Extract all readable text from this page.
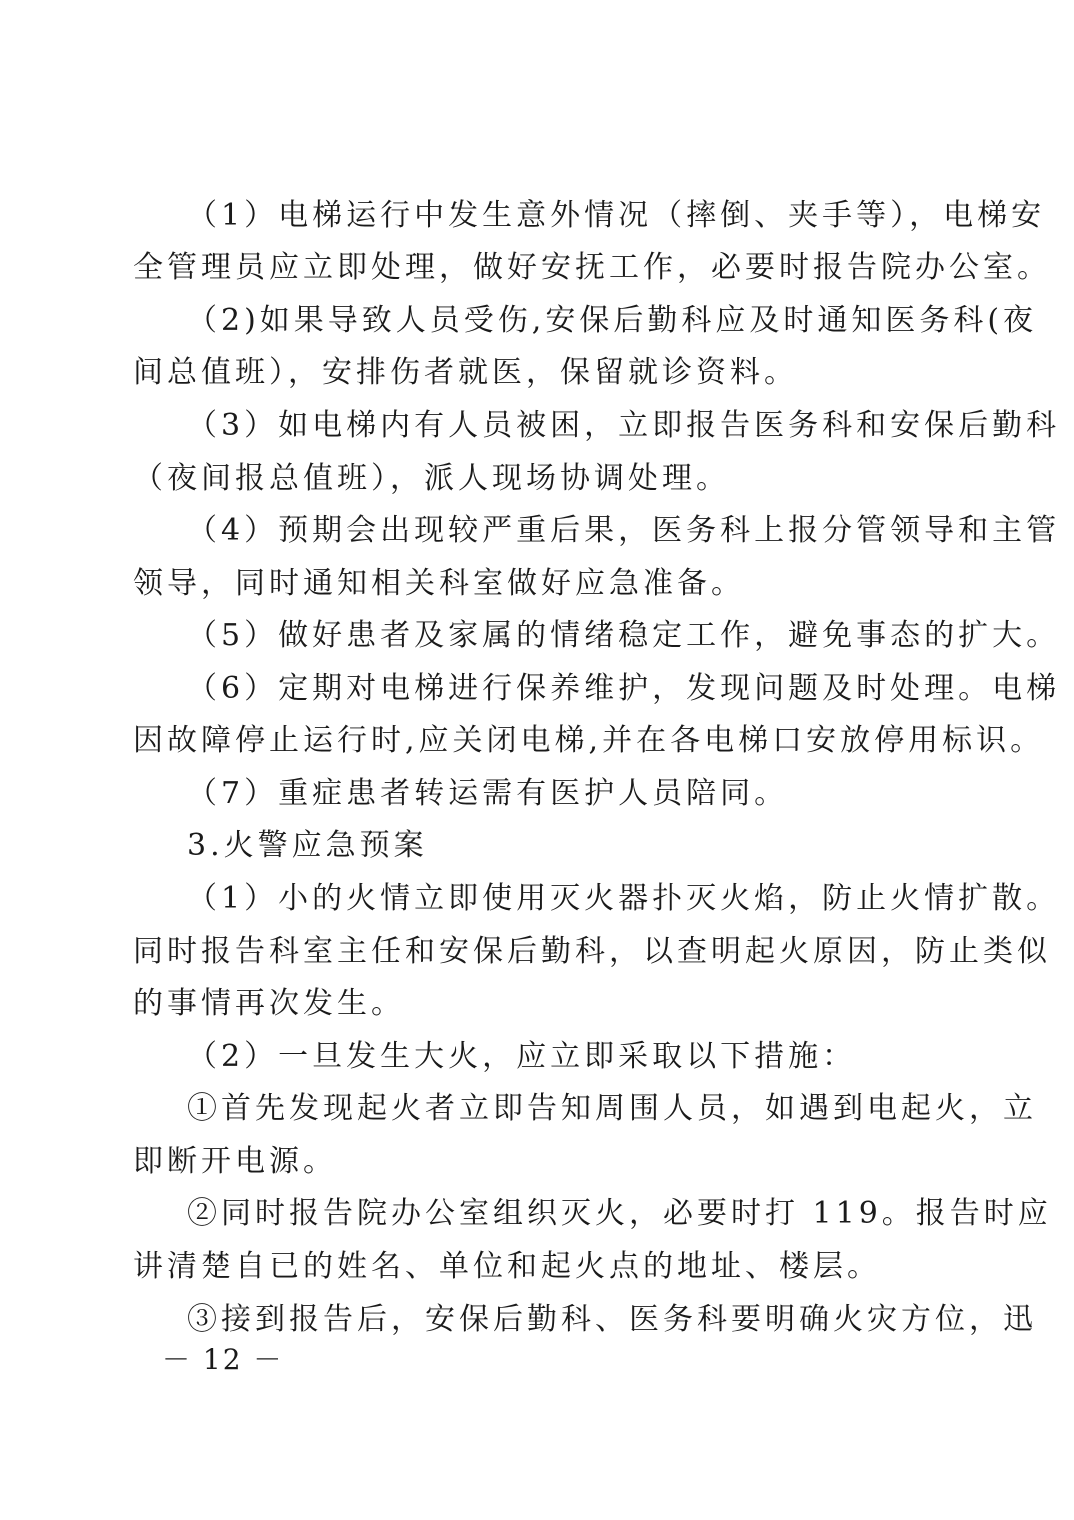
（1）电梯运行中发生意外情况（摔倒、夹手等），电梯安
全管理员应立即处理，做好安抚工作，必要时报告院办公室。
（2)如果导致人员受伤,安保后勤科应及时通知医务科(夜
间总值班），安排伤者就医，保留就诊资料。
（3）如电梯内有人员被困，立即报告医务科和安保后勤科
（夜间报总值班），派人现场协调处理。
（4）预期会出现较严重后果，医务科上报分管领导和主管
领导，同时通知相关科室做好应急准备。
（5）做好患者及家属的情绪稳定工作，避免事态的扩大。
（6）定期对电梯进行保养维护，发现问题及时处理。电梯
因故障停止运行时,应关闭电梯,并在各电梯口安放停用标识。
（7）重症患者转运需有医护人员陪同。
3.火警应急预案
（1）小的火情立即使用灭火器扑灭火焰，防止火情扩散。
同时报告科室主任和安保后勤科，以查明起火原因，防止类似
的事情再次发生。
（2）一旦发生大火，应立即采取以下措施：
①首先发现起火者立即告知周围人员，如遇到电起火，立
即断开电源。
②同时报告院办公室组织灭火，必要时打 119。报告时应
讲清楚自已的姓名、单位和起火点的地址、楼层。
③接到报告后，安保后勤科、医务科要明确火灾方位，迅
－ 12 －
